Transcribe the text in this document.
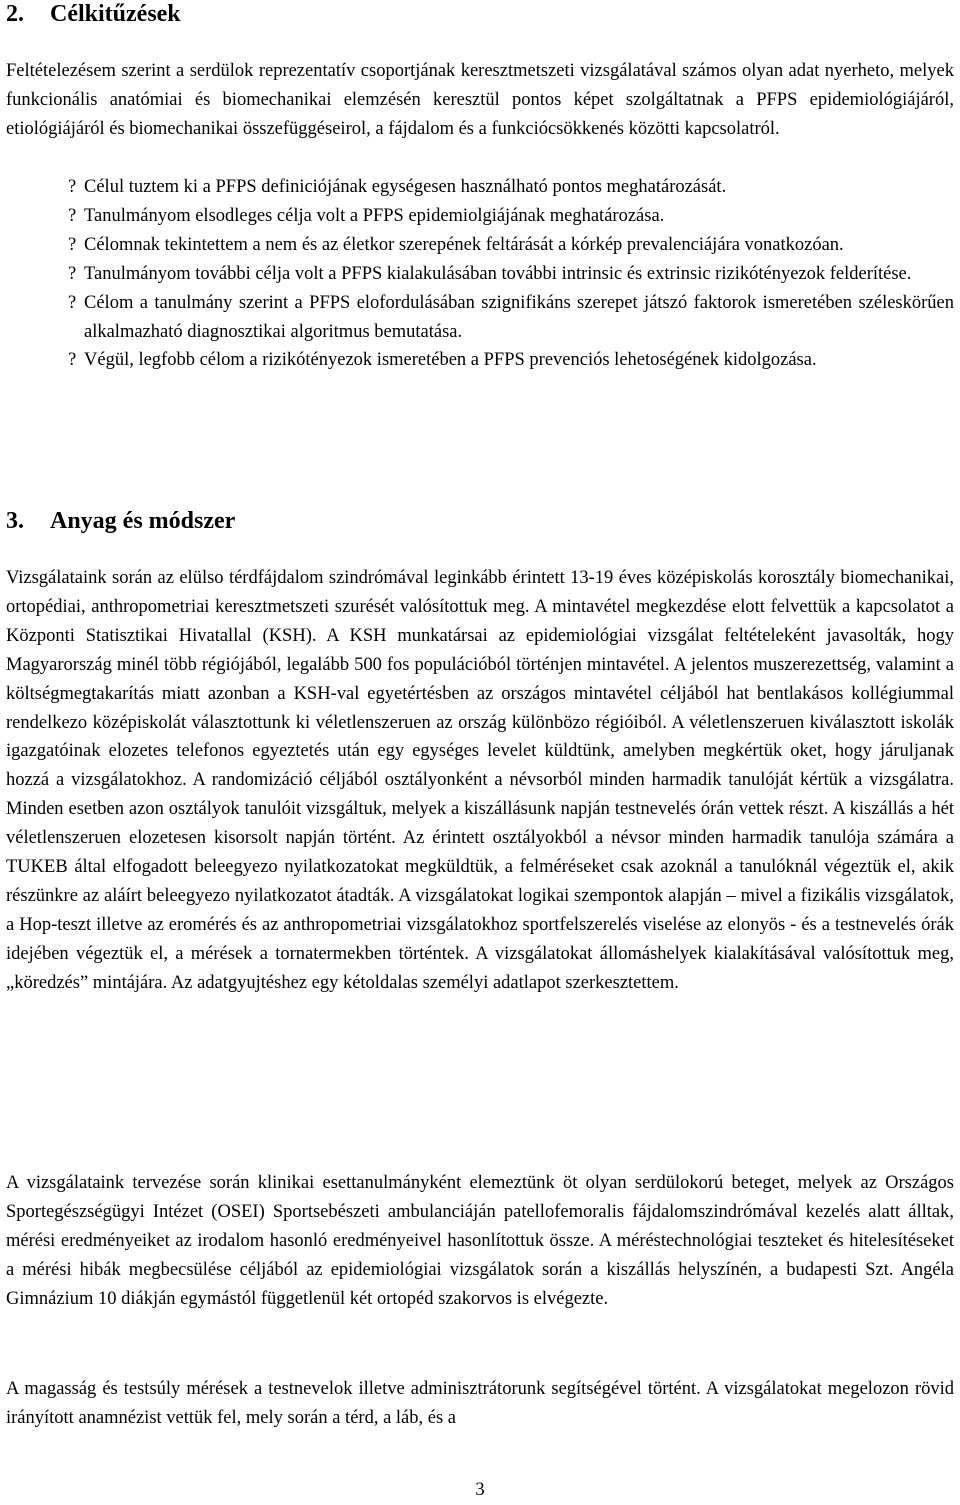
2. Célkitűzések

Feltételezésem szerint a serdülok reprezentatív csoportjának keresztmetszeti vizsgálatával számos olyan adat nyerheto, melyek funkcionális anatómiai és biomechanikai elemzésén keresztül pontos képet szolgáltatnak a PFPS epidemiológiájáról, etiológiájáról és biomechanikai összefüggéseirol, a fájdalom és a funkciócsökkenés közötti kapcsolatról.

? Célul tuztem ki a PFPS definiciójának egységesen használható pontos meghatározását.
? Tanulmányom elsodleges célja volt a PFPS epidemiolgiájának meghatározása.
? Célomnak tekintettem a nem és az életkor szerepének feltárását a kórkép prevalenciájára vonatkozóan.
? Tanulmányom további célja volt a PFPS kialakulásában további intrinsic és extrinsic rizikótényezok felderítése.
? Célom a tanulmány szerint a PFPS elofordulásában szignifikáns szerepet játszó faktorok ismeretében széleskörűen alkalmazható diagnosztikai algoritmus bemutatása.
? Végül, legfobb célom a rizikótényezok ismeretében a PFPS prevenciós lehetoségének kidolgozása.
3. Anyag és módszer

Vizsgálataink során az elülso térdfájdalom szindrómával leginkább érintett 13-19 éves középiskolás korosztály biomechanikai, ortopédiai, anthropometriai keresztmetszeti szurését valósítottuk meg. A mintavétel megkezdése elott felvettük a kapcsolatot a Központi Statisztikai Hivatallal (KSH). A KSH munkatársai az epidemiológiai vizsgálat feltételeként javasolták, hogy Magyarország minél több régiójából, legalább 500 fos populációból történjen mintavétel. A jelentos muszerezettség, valamint a költségmegtakarítás miatt azonban a KSH-val egyetértésben az országos mintavétel céljából hat bentlakásos kollégiummal rendelkezo középiskolát választottunk ki véletlenszeruen az ország különbözo régióiból. A véletlenszeruen kiválasztott iskolák igazgatóinak elozetes telefonos egyeztetés után egy egységes levelet küldtünk, amelyben megkértük oket, hogy járuljanak hozzá a vizsgálatokhoz. A randomizáció céljából osztályonként a névsorból minden harmadik tanulóját kértük a vizsgálatra. Minden esetben azon osztályok tanulóit vizsgáltuk, melyek a kiszállásunk napján testnevelés órán vettek részt. A kiszállás a hét véletlenszeruen elozetesen kisorsolt napján történt. Az érintett osztályokból a névsor minden harmadik tanulója számára a TUKEB által elfogadott beleegyezo nyilatkozatokat megküldtük, a felméréseket csak azoknál a tanulóknál végeztük el, akik részünkre az aláírt beleegyezo nyilatkozatot átadták. A vizsgálatokat logikai szempontok alapján – mivel a fizikális vizsgálatok, a Hop-teszt illetve az eromérés és az anthropometriai vizsgálatokhoz sportfelszerelés viselése az elonyös - és a testnevelés órák idejében végeztük el, a mérések a tornatermekben történtek. A vizsgálatokat állomáshelyek kialakításával valósítottuk meg, „köredzés” mintájára. Az adatgyujtéshez egy kétoldalas személyi adatlapot szerkesztettem.

A vizsgálataink tervezése során klinikai esettanulmányként elemeztünk öt olyan serdülokorú beteget, melyek az Országos Sportegészségügyi Intézet (OSEI) Sportsebészeti ambulanciáján patellofemoralis fájdalomszindrómával kezelés alatt álltak, mérési eredményeiket az irodalom hasonló eredményeivel hasonlítottuk össze. A méréstechnológiai teszteket és hitelesítéseket a mérési hibák megbecsülése céljából az epidemiológiai vizsgálatok során a kiszállás helyszínén, a budapesti Szt. Angéla Gimnázium 10 diákján egymástól függetlenül két ortopéd szakorvos is elvégezte.

A magasság és testsúly mérések a testnevelok illetve adminisztrátorunk segítségével történt. A vizsgálatokat megelozon rövid irányított anamnézist vettük fel, mely során a térd, a láb, és a

3
